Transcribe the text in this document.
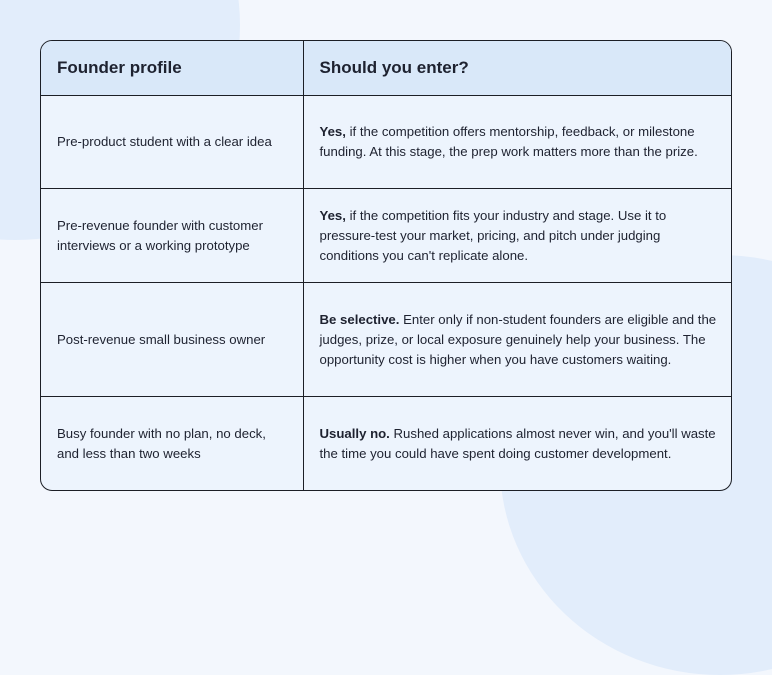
Founder profile	Should you enter?
Pre-product student with a clear idea	Yes, if the competition offers mentorship, feedback, or milestone funding. At this stage, the prep work matters more than the prize.
Pre-revenue founder with customer interviews or a working prototype	Yes, if the competition fits your industry and stage. Use it to pressure-test your market, pricing, and pitch under judging conditions you can't replicate alone.
Post-revenue small business owner	Be selective. Enter only if non-student founders are eligible and the judges, prize, or local exposure genuinely help your business. The opportunity cost is higher when you have customers waiting.
Busy founder with no plan, no deck, and less than two weeks	Usually no. Rushed applications almost never win, and you'll waste the time you could have spent doing customer development.
